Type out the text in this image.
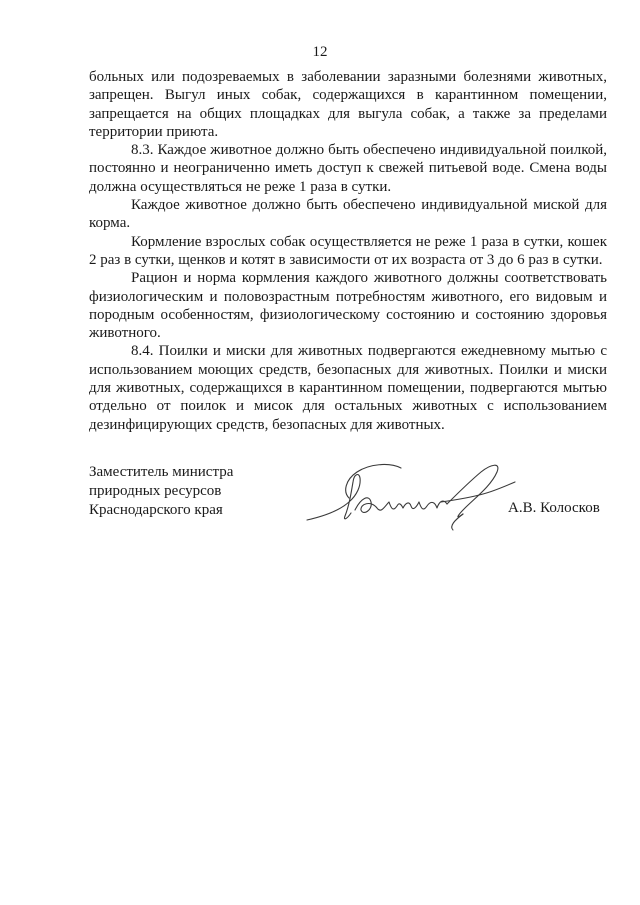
12

больных или подозреваемых в заболевании заразными болезнями животных, запрещен. Выгул иных собак, содержащихся в карантинном помещении, запрещается на общих площадках для выгула собак, а также за пределами территории приюта.

8.3. Каждое животное должно быть обеспечено индивидуальной поилкой, постоянно и неограниченно иметь доступ к свежей питьевой воде. Смена воды должна осуществляться не реже 1 раза в сутки.

Каждое животное должно быть обеспечено индивидуальной миской для корма.

Кормление взрослых собак осуществляется не реже 1 раза в сутки, кошек 2 раз в сутки, щенков и котят в зависимости от их возраста от 3 до 6 раз в сутки.

Рацион и норма кормления каждого животного должны соответствовать физиологическим и половозрастным потребностям животного, его видовым и породным особенностям, физиологическому состоянию и состоянию здоровья животного.

8.4. Поилки и миски для животных подвергаются ежедневному мытью с использованием моющих средств, безопасных для животных. Поилки и миски для животных, содержащихся в карантинном помещении, подвергаются мытью отдельно от поилок и мисок для остальных животных с использованием дезинфицирующих средств, безопасных для животных.

Заместитель министра
природных ресурсов
Краснодарского края	А.В. Колосков
